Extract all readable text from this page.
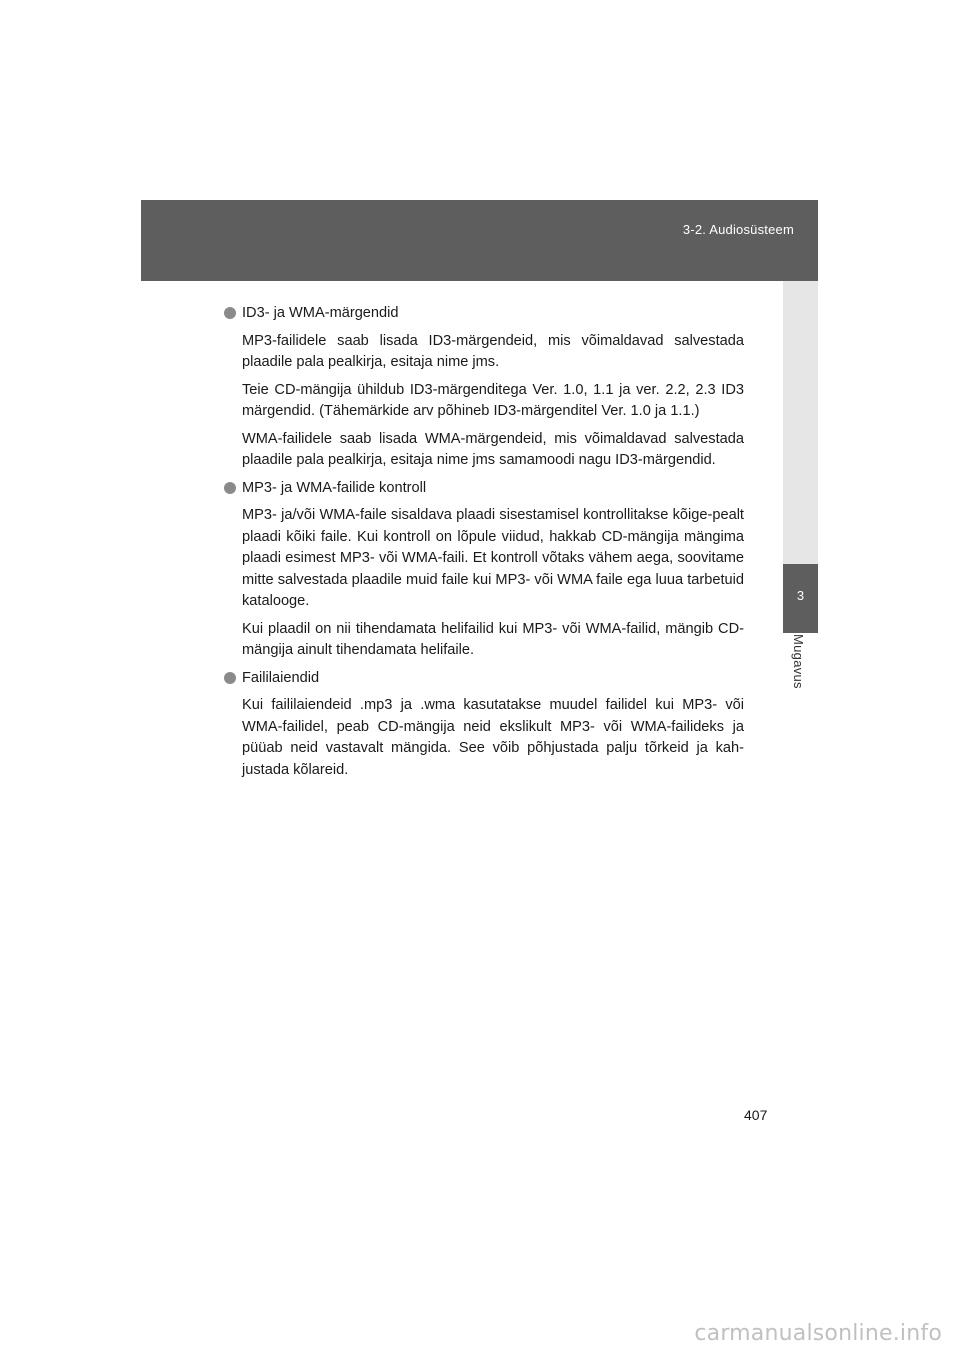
3-2. Audiosüsteem
3
Mugavus
ID3- ja WMA-märgendid

MP3-failidele saab lisada ID3-märgendeid, mis võimaldavad salvestada plaadile pala pealkirja, esitaja nime jms.

Teie CD-mängija ühildub ID3-märgenditega Ver. 1.0, 1.1 ja ver. 2.2, 2.3 ID3 märgendid. (Tähemärkide arv põhineb ID3-märgenditel Ver. 1.0 ja 1.1.)

WMA-failidele saab lisada WMA-märgendeid, mis võimaldavad salvestada plaadile pala pealkirja, esitaja nime jms samamoodi nagu ID3-märgendid.

MP3- ja WMA-failide kontroll

MP3- ja/või WMA-faile sisaldava plaadi sisestamisel kontrollitakse kõige-pealt plaadi kõiki faile. Kui kontroll on lõpule viidud, hakkab CD-mängija mängima plaadi esimest MP3- või WMA-faili. Et kontroll võtaks vähem aega, soovitame mitte salvestada plaadile muid faile kui MP3- või WMA faile ega luua tarbetuid katalooge.

Kui plaadil on nii tihendamata helifailid kui MP3- või WMA-failid, mängib CD-mängija ainult tihendamata helifaile.

Faililaiendid

Kui faililaiendeid .mp3 ja .wma kasutatakse muudel failidel kui MP3- või WMA-failidel, peab CD-mängija neid ekslikult MP3- või WMA-failideks ja püüab neid vastavalt mängida. See võib põhjustada palju tõrkeid ja kah-justada kõlareid.

407
carmanualsonline.info
